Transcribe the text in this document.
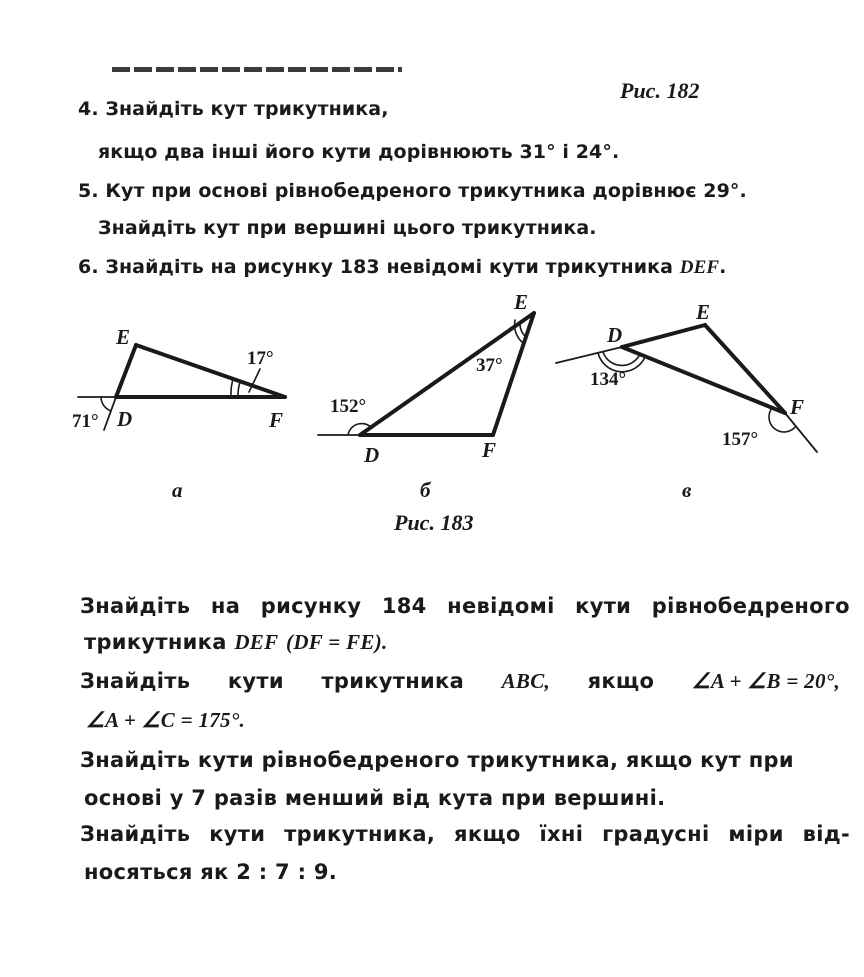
Рис. 182
4. Знайдіть кут трикутника,
якщо два інші його кути дорівнюють 31° і 24°.
5. Кут при основі рівнобедреного трикутника дорівнює 29°.
Знайдіть кут при вершині цього трикутника.
6. Знайдіть на рисунку 183 невідомі кути трикутника DEF.
E
D	F
E
D	F
D
E
F
17°
71°
37°
152°
134°
157°
а	б	в
Рис. 183
Знайдіть на рисунку 184 невідомі кути рівнобедреного
трикутника DEF (DF = FE).
Знайдіть кути трикутника ABC, якщо ∠A + ∠B = 20°,
∠A + ∠C = 175°.
Знайдіть кути рівнобедреного трикутника, якщо кут при
основі у 7 разів менший від кута при вершині.
Знайдіть кути трикутника, якщо їхні градусні міри від-
носяться як 2 : 7 : 9.
